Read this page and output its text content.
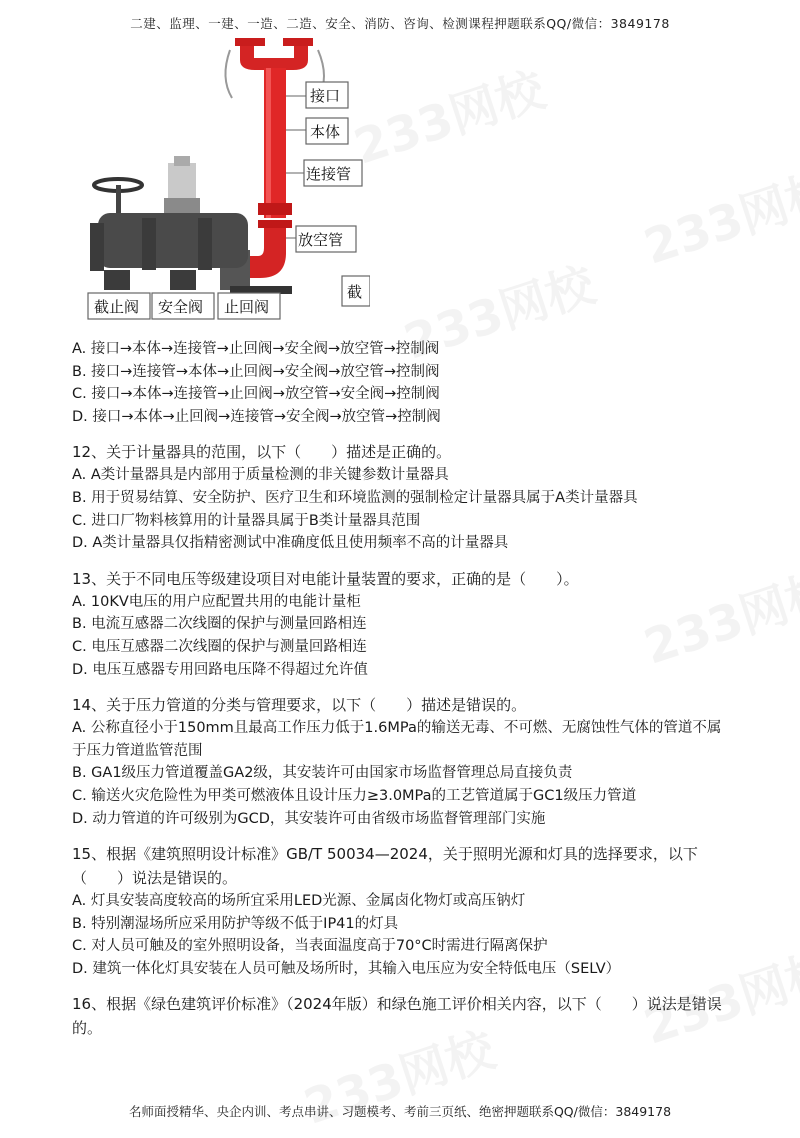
二建、监理、一建、一造、二造、安全、消防、咨询、检测课程押题联系QQ/微信：3849178
接口
本体
连接管
放空管
截止阀 安全阀 止回阀
截
A. 接口→本体→连接管→止回阀→安全阀→放空管→控制阀
B. 接口→连接管→本体→止回阀→安全阀→放空管→控制阀
C. 接口→本体→连接管→止回阀→放空管→安全阀→控制阀
D. 接口→本体→止回阀→连接管→安全阀→放空管→控制阀
12、关于计量器具的范围，以下（　　）描述是正确的。
A. A类计量器具是内部用于质量检测的非关键参数计量器具
B. 用于贸易结算、安全防护、医疗卫生和环境监测的强制检定计量器具属于A类计量器具
C. 进口厂物料核算用的计量器具属于B类计量器具范围
D. A类计量器具仅指精密测试中准确度低且使用频率不高的计量器具
13、关于不同电压等级建设项目对电能计量装置的要求，正确的是（　　）。
A. 10KV电压的用户应配置共用的电能计量柜
B. 电流互感器二次线圈的保护与测量回路相连
C. 电压互感器二次线圈的保护与测量回路相连
D. 电压互感器专用回路电压降不得超过允许值
14、关于压力管道的分类与管理要求，以下（　　）描述是错误的。
A. 公称直径小于150mm且最高工作压力低于1.6MPa的输送无毒、不可燃、无腐蚀性气体的管道不属于压力管道监管范围
B. GA1级压力管道覆盖GA2级，其安装许可由国家市场监督管理总局直接负责
C. 输送火灾危险性为甲类可燃液体且设计压力≥3.0MPa的工艺管道属于GC1级压力管道
D. 动力管道的许可级别为GCD，其安装许可由省级市场监督管理部门实施
15、根据《建筑照明设计标准》GB/T 50034—2024，关于照明光源和灯具的选择要求，以下（　　）说法是错误的。
A. 灯具安装高度较高的场所宜采用LED光源、金属卤化物灯或高压钠灯
B. 特别潮湿场所应采用防护等级不低于IP41的灯具
C. 对人员可触及的室外照明设备，当表面温度高于70°C时需进行隔离保护
D. 建筑一体化灯具安装在人员可触及场所时，其输入电压应为安全特低电压（SELV）
16、根据《绿色建筑评价标准》（2024年版）和绿色施工评价相关内容，以下（　　）说法是错误的。
名师面授精华、央企内训、考点串讲、习题模考、考前三页纸、绝密押题联系QQ/微信：3849178
